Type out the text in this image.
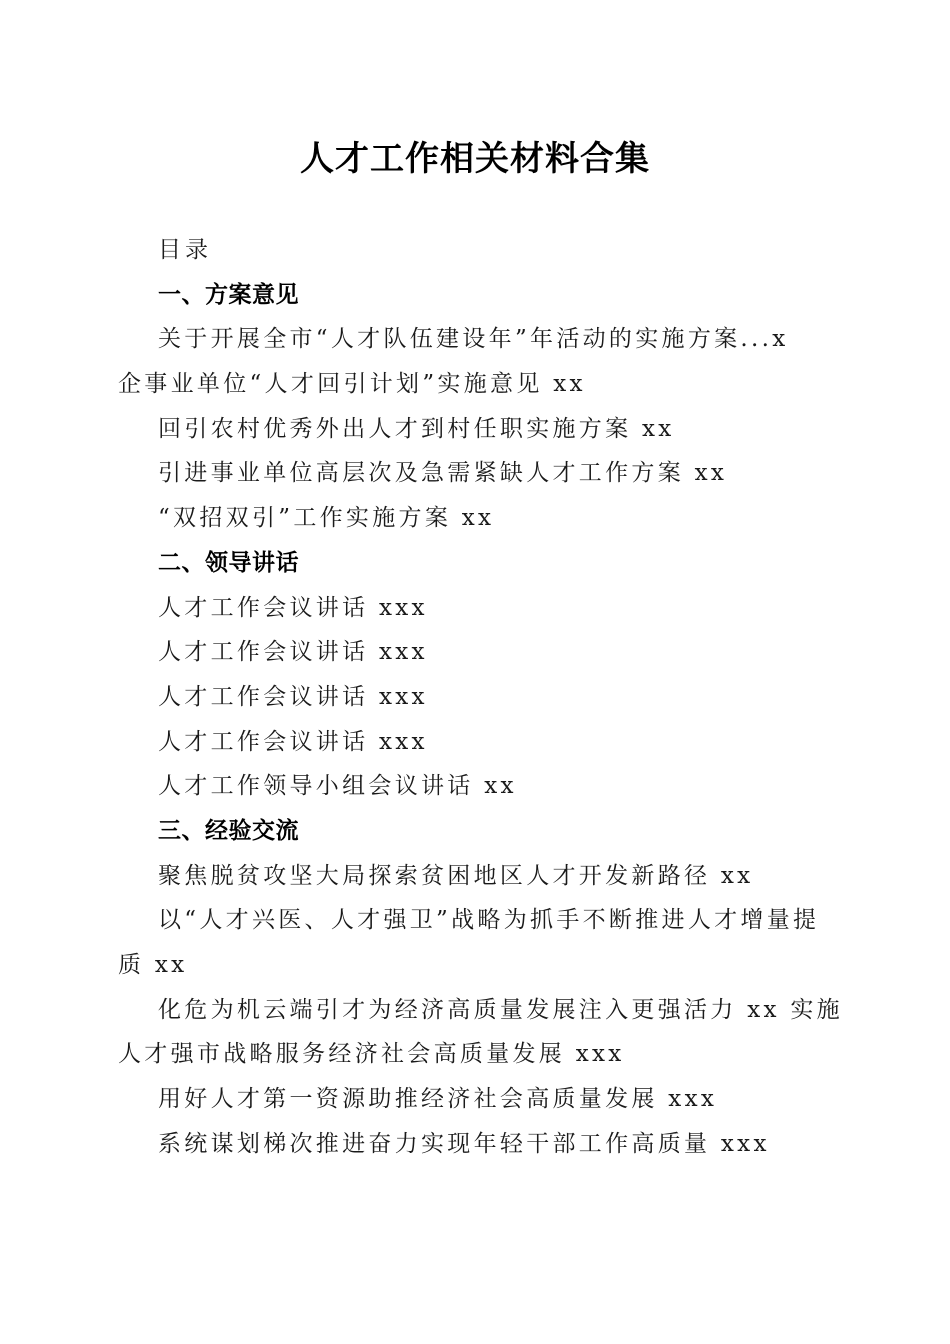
人才工作相关材料合集
目录
一、方案意见
关于开展全市“人才队伍建设年”年活动的实施方案...x
企事业单位“人才回引计划”实施意见 xx
回引农村优秀外出人才到村任职实施方案 xx
引进事业单位高层次及急需紧缺人才工作方案 xx
“双招双引”工作实施方案 xx
二、领导讲话
人才工作会议讲话 xxx
人才工作会议讲话 xxx
人才工作会议讲话 xxx
人才工作会议讲话 xxx
人才工作领导小组会议讲话 xx
三、经验交流
聚焦脱贫攻坚大局探索贫困地区人才开发新路径 xx
以“人才兴医、人才强卫”战略为抓手不断推进人才增量提
质 xx
化危为机云端引才为经济高质量发展注入更强活力 xx 实施
人才强市战略服务经济社会高质量发展 xxx
用好人才第一资源助推经济社会高质量发展 xxx
系统谋划梯次推进奋力实现年轻干部工作高质量 xxx
